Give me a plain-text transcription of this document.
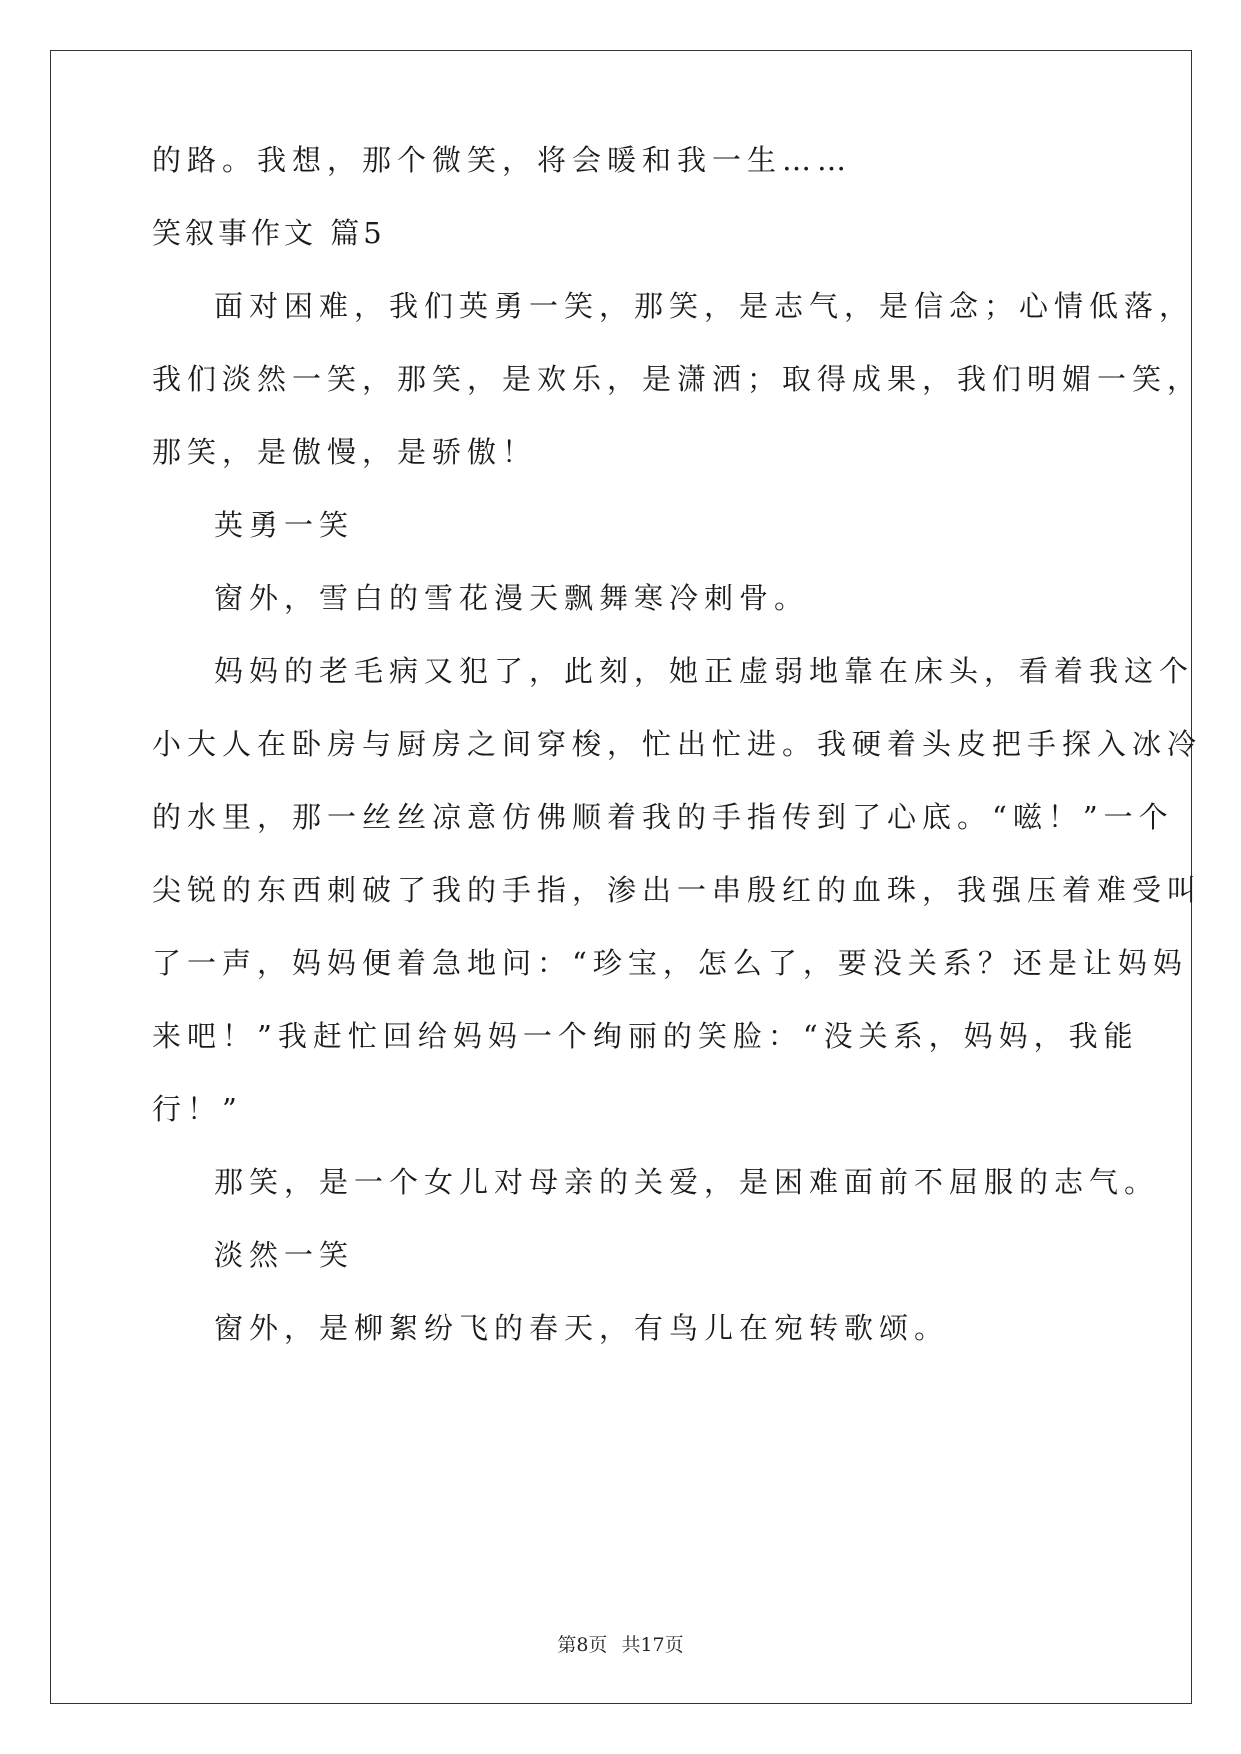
的路。我想，那个微笑，将会暖和我一生……

笑叙事作文 篇5

面对困难，我们英勇一笑，那笑，是志气，是信念；心情低落，

我们淡然一笑，那笑，是欢乐，是潇洒；取得成果，我们明媚一笑，

那笑，是傲慢，是骄傲！

英勇一笑

窗外，雪白的雪花漫天飘舞寒冷刺骨。

妈妈的老毛病又犯了，此刻，她正虚弱地靠在床头，看着我这个

小大人在卧房与厨房之间穿梭，忙出忙进。我硬着头皮把手探入冰冷

的水里，那一丝丝凉意仿佛顺着我的手指传到了心底。“嗞！”一个

尖锐的东西刺破了我的手指，渗出一串殷红的血珠，我强压着难受叫

了一声，妈妈便着急地问：“珍宝，怎么了，要没关系？还是让妈妈

来吧！”我赶忙回给妈妈一个绚丽的笑脸：“没关系，妈妈，我能

行！”

那笑，是一个女儿对母亲的关爱，是困难面前不屈服的志气。

淡然一笑

窗外，是柳絮纷飞的春天，有鸟儿在宛转歌颂。

第8页 共17页
